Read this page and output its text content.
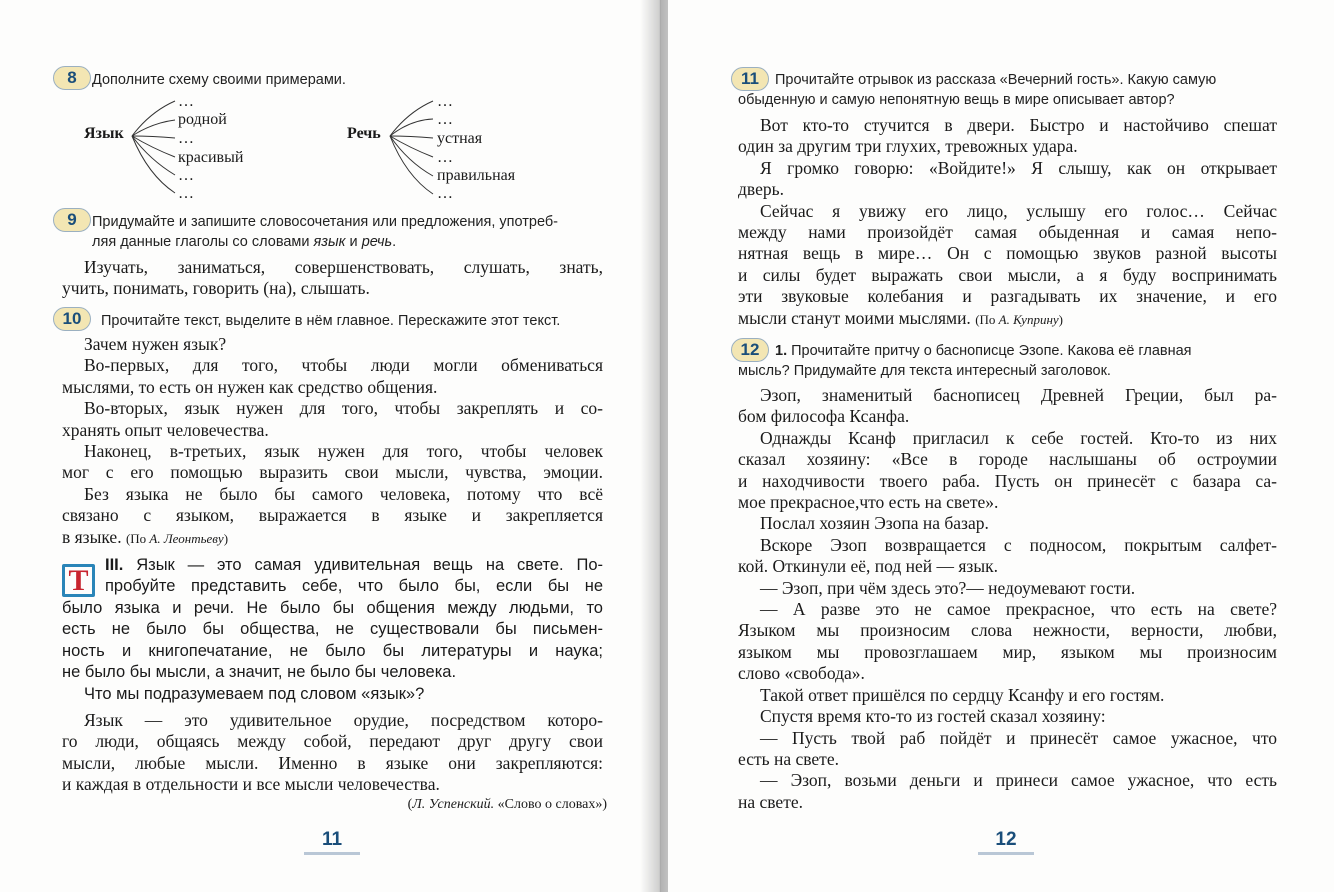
8	Дополните схему своими примерами.
Язык
…
родной
…
красивый
…
…
Речь
…
…
устная
…
правильная
…
9	Придумайте и запишите словосочетания или предложения, употреб-
ляя данные глаголы со словами язык и речь.
Изучать, заниматься, совершенствовать, слушать, знать,
учить, понимать, говорить (на), слышать.
10	Прочитайте текст, выделите в нём главное. Перескажите этот текст.
Зачем нужен язык?
Во-первых, для того, чтобы люди могли обмениваться
мыслями, то есть он нужен как средство общения.
Во-вторых, язык нужен для того, чтобы закреплять и со-
хранять опыт человечества.
Наконец, в-третьих, язык нужен для того, чтобы человек
мог с его помощью выразить свои мысли, чувства, эмоции.
Без языка не было бы самого человека, потому что всё
связано с языком, выражается в языке и закрепляется
в языке. (По А. Леонтьеву)
Т III. Язык — это самая удивительная вещь на свете. По-
пробуйте представить себе, что было бы, если бы не
было языка и речи. Не было бы общения между людьми, то
есть не было бы общества, не существовали бы письмен-
ность и книгопечатание, не было бы литературы и наука;
не было бы мысли, а значит, не было бы человека.
Что мы подразумеваем под словом «язык»?
Язык — это удивительное орудие, посредством которо-
го люди, общаясь между собой, передают друг другу свои
мысли, любые мысли. Именно в языке они закрепляются:
и каждая в отдельности и все мысли человечества.
(Л. Успенский. «Слово о словах»)
11
11	Прочитайте отрывок из рассказа «Вечерний гость». Какую самую
обыденную и самую непонятную вещь в мире описывает автор?
Вот кто-то стучится в двери. Быстро и настойчиво спешат
один за другим три глухих, тревожных удара.
Я громко говорю: «Войдите!» Я слышу, как он открывает
дверь.
Сейчас я увижу его лицо, услышу его голос… Сейчас
между нами произойдёт самая обыденная и самая непо-
нятная вещь в мире… Он с помощью звуков разной высоты
и силы будет выражать свои мысли, а я буду воспринимать
эти звуковые колебания и разгадывать их значение, и его
мысли станут моими мыслями. (По А. Куприну)
12	1. Прочитайте притчу о баснописце Эзопе. Какова её главная
мысль? Придумайте для текста интересный заголовок.
Эзоп, знаменитый баснописец Древней Греции, был ра-
бом философа Ксанфа.
Однажды Ксанф пригласил к себе гостей. Кто-то из них
сказал хозяину: «Все в городе наслышаны об остроумии
и находчивости твоего раба. Пусть он принесёт с базара са-
мое прекрасное,что есть на свете».
Послал хозяин Эзопа на базар.
Вскоре Эзоп возвращается с подносом, покрытым салфет-
кой. Откинули её, под ней — язык.
— Эзоп, при чём здесь это?— недоумевают гости.
— А разве это не самое прекрасное, что есть на свете?
Языком мы произносим слова нежности, верности, любви,
языком мы провозглашаем мир, языком мы произносим
слово «свобода».
Такой ответ пришёлся по сердцу Ксанфу и его гостям.
Спустя время кто-то из гостей сказал хозяину:
— Пусть твой раб пойдёт и принесёт самое ужасное, что
есть на свете.
— Эзоп, возьми деньги и принеси самое ужасное, что есть
на свете.
12
